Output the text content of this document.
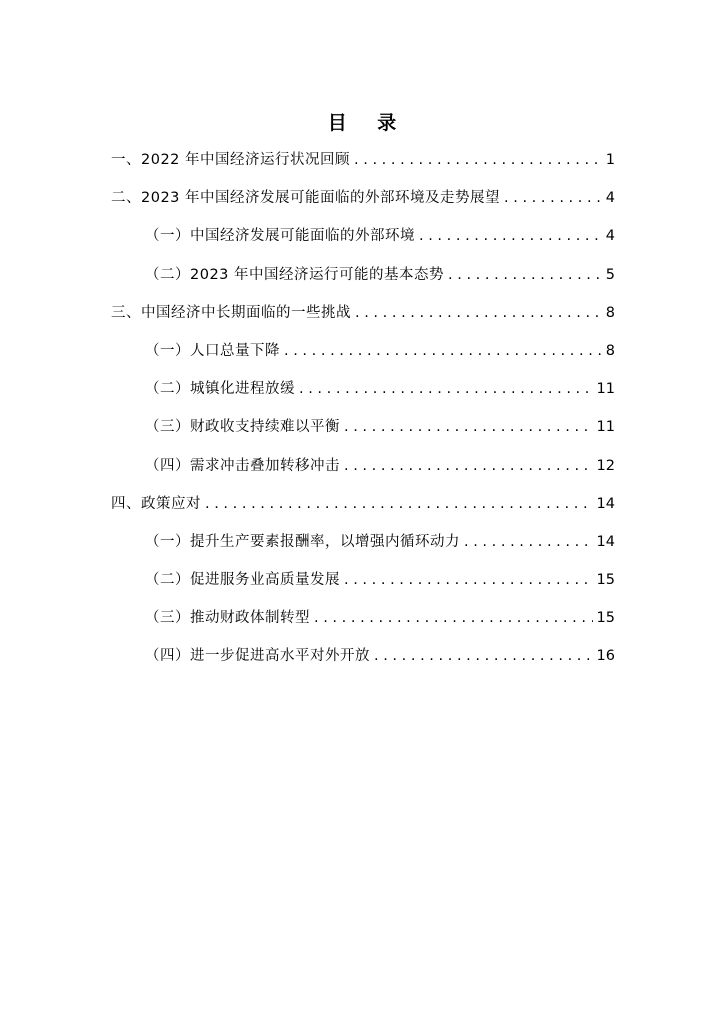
目 录
一、2022 年中国经济运行状况回顾 . . .	1
二、2023 年中国经济发展可能面临的外部环境及走势展望 . . .	4
（一）中国经济发展可能面临的外部环境 . . .	4
（二）2023 年中国经济运行可能的基本态势 . . .	5
三、中国经济中长期面临的一些挑战 . . .	8
（一）人口总量下降 . . .	8
（二）城镇化进程放缓 . . .	11
（三）财政收支持续难以平衡 . . .	11
（四）需求冲击叠加转移冲击 . . .	12
四、政策应对 . . .	14
（一）提升生产要素报酬率，以增强内循环动力 . . .	14
（二）促进服务业高质量发展 . . .	15
（三）推动财政体制转型 . . .	15
（四）进一步促进高水平对外开放 . . .	16
